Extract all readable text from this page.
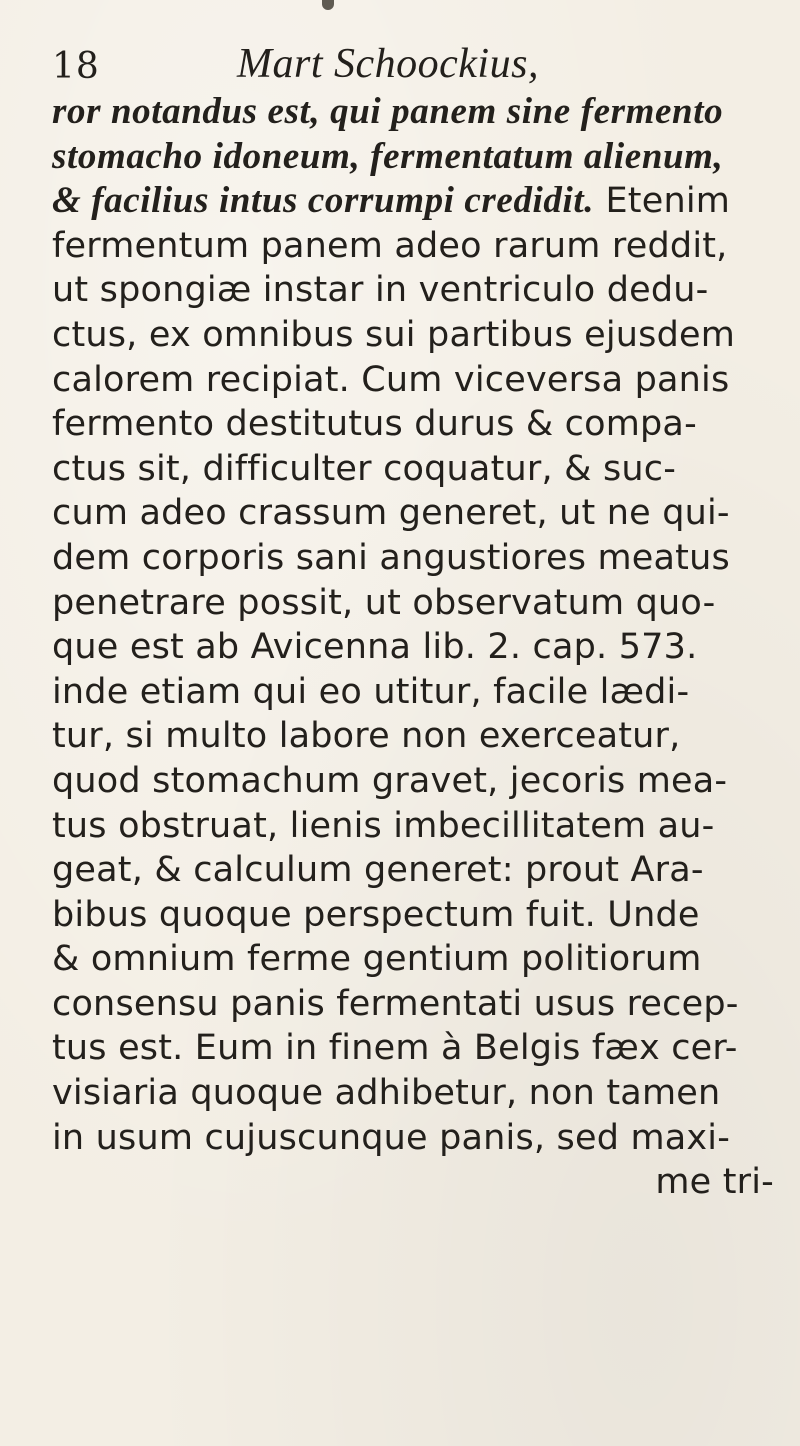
18	Mart Schoockius,
ror notandus est, qui panem sine fermento
stomacho idoneum, fermentatum alienum,
& facilius intus corrumpi credidit. Etenim
fermentum panem adeo rarum reddit,
ut spongiæ instar in ventriculo dedu-
ctus, ex omnibus sui partibus ejusdem
calorem recipiat. Cum viceversa panis
fermento destitutus durus & compa-
ctus sit, difficulter coquatur, & suc-
cum adeo crassum generet, ut ne qui-
dem corporis sani angustiores meatus
penetrare possit, ut observatum quo-
que est ab Avicenna lib. 2. cap. 573.
inde etiam qui eo utitur, facile lædi-
tur, si multo labore non exerceatur,
quod stomachum gravet, jecoris mea-
tus obstruat, lienis imbecillitatem au-
geat, & calculum generet: prout Ara-
bibus quoque perspectum fuit. Unde
& omnium ferme gentium politiorum
consensu panis fermentati usus recep-
tus est. Eum in finem à Belgis fæx cer-
visiaria quoque adhibetur, non tamen
in usum cujuscunque panis, sed maxi-
me tri-
